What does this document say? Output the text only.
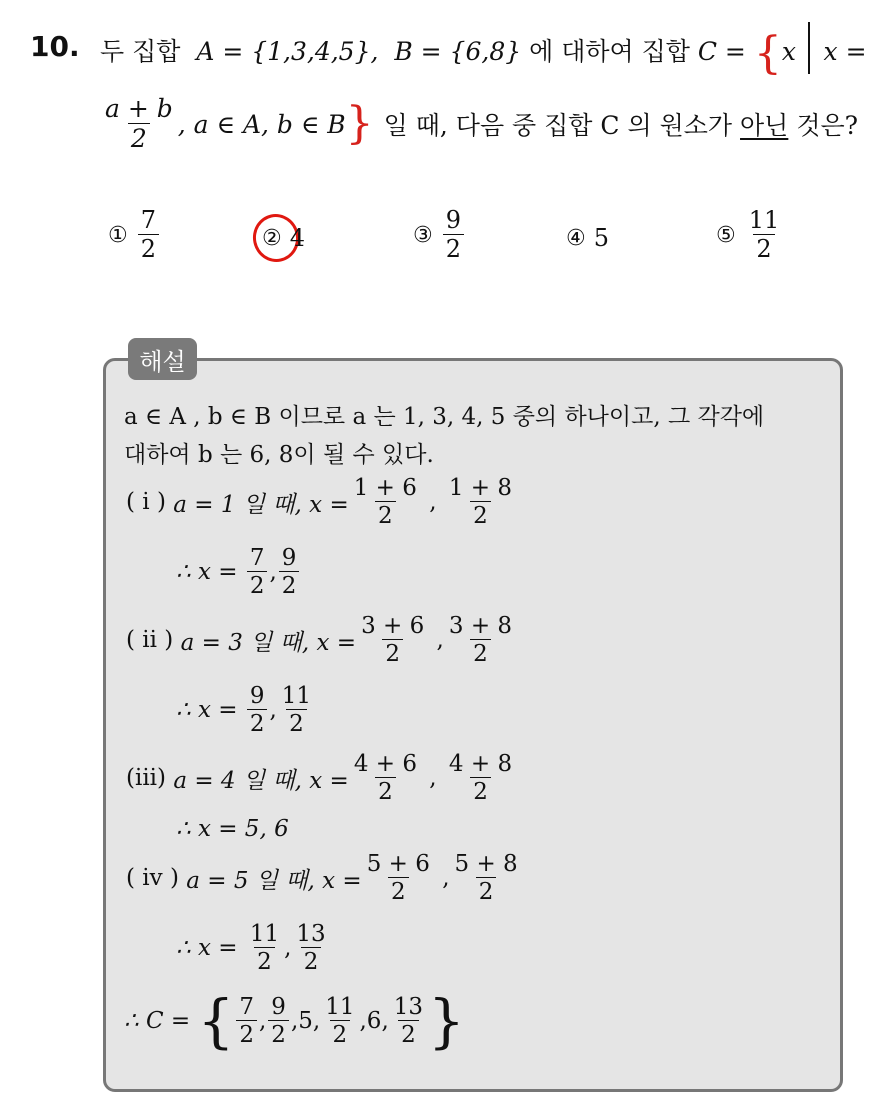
10. 두 집합 A = {1,3,4,5}, B = {6,8} 에 대하여 집합 C = {x x =
$\frac{a + b}{2}$ , a ∈ A, b ∈ B } 일 때, 다음 중 집합 C 의 원소가 아닌 것은?
① $\frac{7}{2}$	② 4	③ $\frac{9}{2}$	④ 5	⑤ $\frac{11}{2}$
해설
a ∈ A , b ∈ B 이므로 a 는 1, 3, 4, 5 중의 하나이고, 그 각각에
대하여 b 는 6, 8이 될 수 있다.
( i )
a = 1 일 때, $x = \frac{1 + 6}{2}$ , $\frac{1 + 8}{2}$
∴ x =
$\frac{7}{2}$ , $\frac{9}{2}$
( ii )
a = 3 일 때, $x = \frac{3 + 6}{2}$ , $\frac{3 + 8}{2}$
∴ x =
$\frac{9}{2}$ , $\frac{11}{2}$
(iii)
a = 4 일 때, $x = \frac{4 + 6}{2}$ , $\frac{4 + 8}{2}$
∴ x = 5, 6
( iv )
a = 5 일 때, $x = \frac{5 + 6}{2}$ , $\frac{5 + 8}{2}$
∴ x =
$\frac{11}{2}$ , $\frac{13}{2}$
∴ C =
{ $\frac{7}{2}$ , $\frac{9}{2}$ , 5 , $\frac{11}{2}$ , 6 , $\frac{13}{2}$ }
